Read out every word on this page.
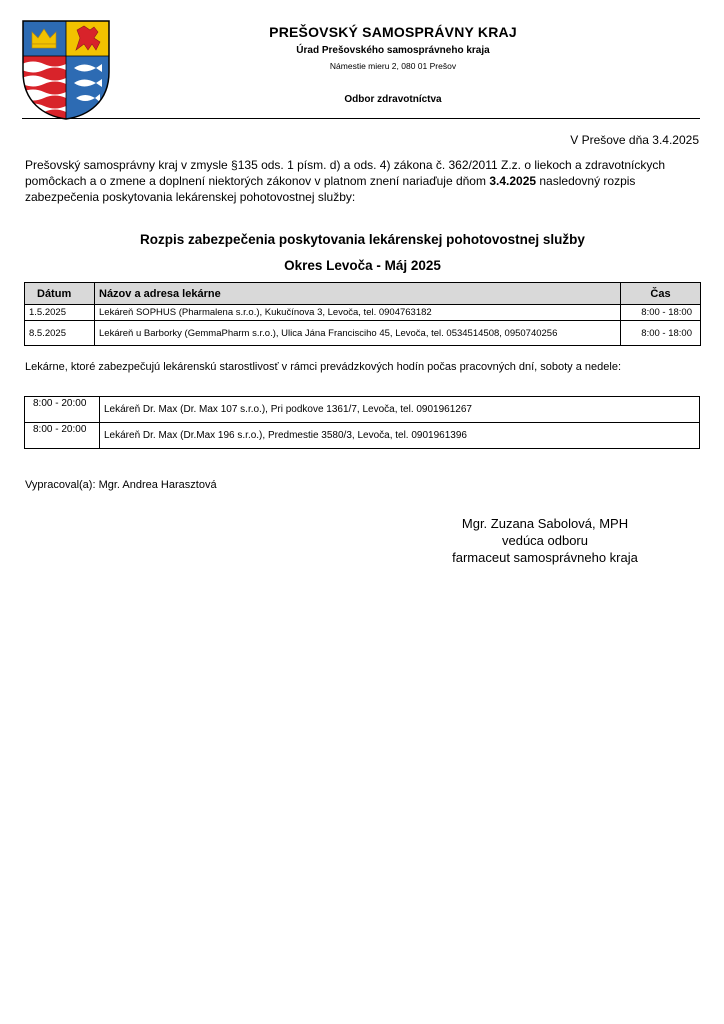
PREŠOVSKÝ SAMOSPRÁVNY KRAJ
Úrad Prešovského samosprávneho kraja
Námestie mieru 2, 080 01 Prešov
Odbor zdravotníctva
V Prešove dňa 3.4.2025
Prešovský samosprávny kraj v zmysle §135 ods. 1 písm. d) a ods. 4) zákona č. 362/2011 Z.z. o liekoch a zdravotníckych pomôckach a o zmene a doplnení niektorých zákonov v platnom znení nariaďuje dňom 3.4.2025 nasledovný rozpis zabezpečenia poskytovania lekárenskej pohotovostnej služby:
Rozpis zabezpečenia poskytovania lekárenskej pohotovostnej služby
Okres Levoča - Máj 2025
Dátum	Názov a adresa lekárne	Čas
1.5.2025	Lekáreň SOPHUS (Pharmalena s.r.o.), Kukučínova 3, Levoča, tel. 0904763182	8:00 - 18:00
8.5.2025	Lekáreň u Barborky (GemmaPharm s.r.o.), Ulica Jána Francisciho 45, Levoča, tel. 0534514508, 0950740256	8:00 - 18:00
Lekárne, ktoré zabezpečujú lekárenskú starostlivosť v rámci prevádzkových hodín počas pracovných dní, soboty a nedele:
8:00 - 20:00	Lekáreň Dr. Max (Dr. Max 107 s.r.o.), Pri podkove 1361/7, Levoča, tel. 0901961267
8:00 - 20:00	Lekáreň Dr. Max (Dr.Max 196 s.r.o.), Predmestie 3580/3, Levoča, tel. 0901961396
Vypracoval(a): Mgr. Andrea Harasztová
Mgr. Zuzana Sabolová, MPH
vedúca odboru
farmaceut samosprávneho kraja
